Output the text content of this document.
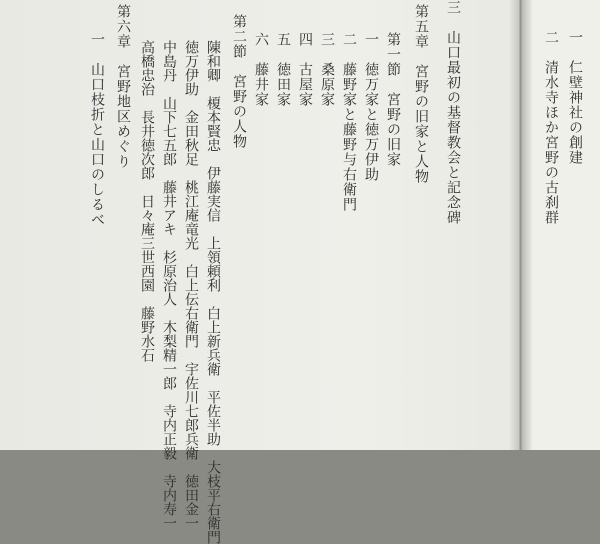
三　山口最初の基督教会と記念碑
第五章　宮野の旧家と人物
第一節　宮野の旧家
一　徳万家と徳万伊助
二　藤野家と藤野与右衛門
三　桑原家
四　古屋家
五　徳田家
六　藤井家
第二節　宮野の人物
陳和卿　榎本賢忠　伊藤実信　上領頼利　白上新兵衛　平佐半助　大枝平右衛門
徳万伊助　金田秋足　桃江庵竜光　白上伝右衛門　宇佐川七郎兵衛　徳田金一
中島丹　山下七五郎　藤井アキ　杉原治人　木梨精一郎　寺内正毅　寺内寿一
高橋忠治　長井徳次郎　日々庵三世西園　藤野水石
第六章　宮野地区めぐり
一　山口枝折と山口のしるべ
一　仁壁神社の創建
二　清水寺ほか宮野の古刹群
